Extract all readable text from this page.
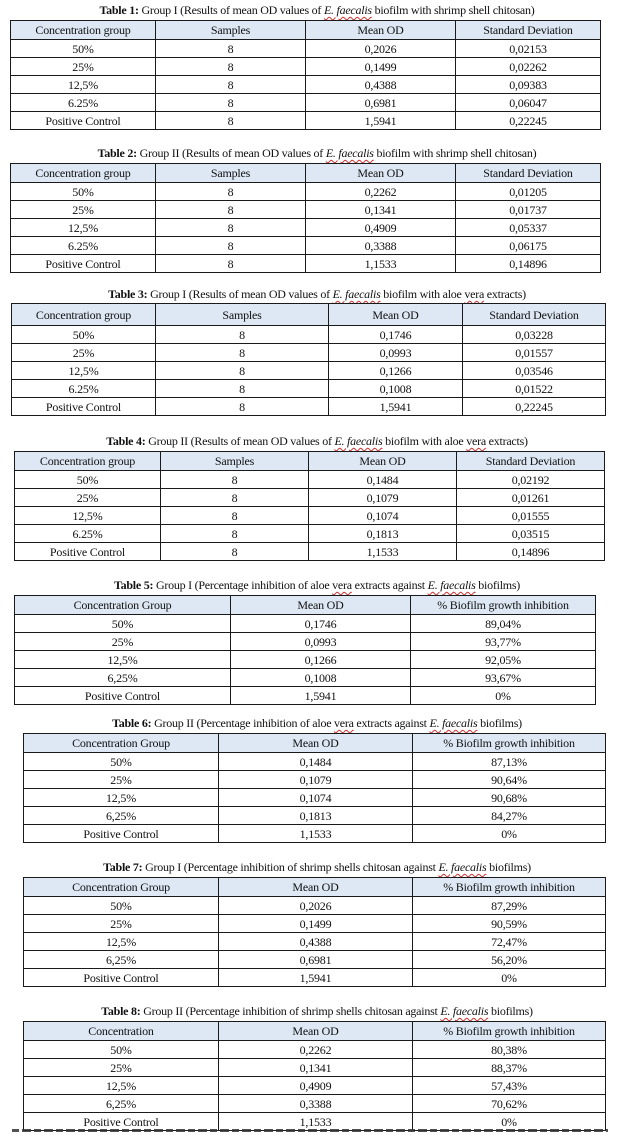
Table 1: Group I (Results of mean OD values of E. faecalis biofilm with shrimp shell chitosan)
Concentration group	Samples	Mean OD	Standard Deviation
50%	8	0,2026	0,02153
25%	8	0,1499	0,02262
12,5%	8	0,4388	0,09383
6.25%	8	0,6981	0,06047
Positive Control	8	1,5941	0,22245
Table 2: Group II (Results of mean OD values of E. faecalis biofilm with shrimp shell chitosan)
Concentration group	Samples	Mean OD	Standard Deviation
50%	8	0,2262	0,01205
25%	8	0,1341	0,01737
12,5%	8	0,4909	0,05337
6.25%	8	0,3388	0,06175
Positive Control	8	1,1533	0,14896
Table 3: Group I (Results of mean OD values of E. faecalis biofilm with aloe vera extracts)
Concentration group	Samples	Mean OD	Standard Deviation
50%	8	0,1746	0,03228
25%	8	0,0993	0,01557
12,5%	8	0,1266	0,03546
6.25%	8	0,1008	0,01522
Positive Control	8	1,5941	0,22245
Table 4: Group II (Results of mean OD values of E. faecalis biofilm with aloe vera extracts)
Concentration group	Samples	Mean OD	Standard Deviation
50%	8	0,1484	0,02192
25%	8	0,1079	0,01261
12,5%	8	0,1074	0,01555
6.25%	8	0,1813	0,03515
Positive Control	8	1,1533	0,14896
Table 5: Group I (Percentage inhibition of aloe vera extracts against E. faecalis biofilms)
Concentration Group	Mean OD	% Biofilm growth inhibition
50%	0,1746	89,04%
25%	0,0993	93,77%
12,5%	0,1266	92,05%
6,25%	0,1008	93,67%
Positive Control	1,5941	0%
Table 6: Group II (Percentage inhibition of aloe vera extracts against E. faecalis biofilms)
Concentration Group	Mean OD	% Biofilm growth inhibition
50%	0,1484	87,13%
25%	0,1079	90,64%
12,5%	0,1074	90,68%
6,25%	0,1813	84,27%
Positive Control	1,1533	0%
Table 7: Group I (Percentage inhibition of shrimp shells chitosan against E. faecalis biofilms)
Concentration Group	Mean OD	% Biofilm growth inhibition
50%	0,2026	87,29%
25%	0,1499	90,59%
12,5%	0,4388	72,47%
6,25%	0,6981	56,20%
Positive Control	1,5941	0%
Table 8: Group II (Percentage inhibition of shrimp shells chitosan against E. faecalis biofilms)
Concentration	Mean OD	% Biofilm growth inhibition
50%	0,2262	80,38%
25%	0,1341	88,37%
12,5%	0,4909	57,43%
6,25%	0,3388	70,62%
Positive Control	1,1533	0%
